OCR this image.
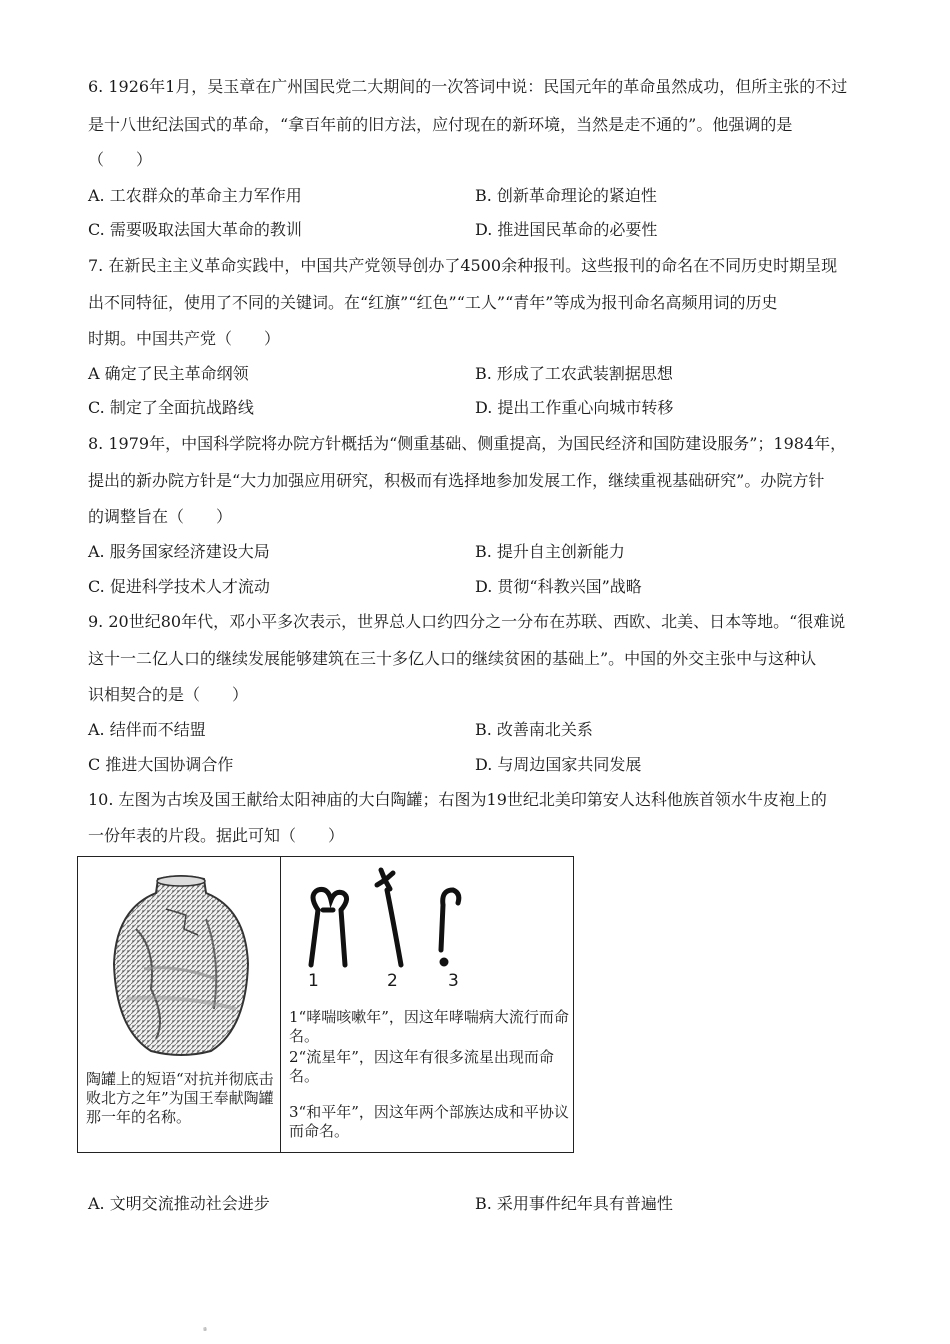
6. 1926年1月，吴玉章在广州国民党二大期间的一次答词中说：民国元年的革命虽然成功，但所主张的不过
是十八世纪法国式的革命，“拿百年前的旧方法，应付现在的新环境，当然是走不通的”。他强调的是
（　　）
A. 工农群众的革命主力军作用	B. 创新革命理论的紧迫性
C. 需要吸取法国大革命的教训	D. 推进国民革命的必要性
7. 在新民主主义革命实践中，中国共产党领导创办了4500余种报刊。这些报刊的命名在不同历史时期呈现
出不同特征，使用了不同的关键词。在“红旗”“红色”“工人”“青年”等成为报刊命名高频用词的历史
时期。中国共产党（　　）
A 确定了民主革命纲领	B. 形成了工农武装割据思想
C. 制定了全面抗战路线	D. 提出工作重心向城市转移
8. 1979年，中国科学院将办院方针概括为“侧重基础、侧重提高，为国民经济和国防建设服务”；1984年，
提出的新办院方针是“大力加强应用研究，积极而有选择地参加发展工作，继续重视基础研究”。办院方针
的调整旨在（　　）
A. 服务国家经济建设大局	B. 提升自主创新能力
C. 促进科学技术人才流动	D. 贯彻“科教兴国”战略
9. 20世纪80年代，邓小平多次表示，世界总人口约四分之一分布在苏联、西欧、北美、日本等地。“很难说
这十一二亿人口的继续发展能够建筑在三十多亿人口的继续贫困的基础上”。中国的外交主张中与这种认
识相契合的是（　　）
A. 结伴而不结盟	B. 改善南北关系
C 推进大国协调合作	D. 与周边国家共同发展
10. 左图为古埃及国王献给太阳神庙的大白陶罐；右图为19世纪北美印第安人达科他族首领水牛皮袍上的
一份年表的片段。据此可知（　　）
陶罐上的短语“对抗并彻底击败北方之年”为国王奉献陶罐那一年的名称。
1	2	3
1“哮喘咳嗽年”，因这年哮喘病大流行而命名。
2“流星年”，因这年有很多流星出现而命名。
3“和平年”，因这年两个部族达成和平协议而命名。
A. 文明交流推动社会进步	B. 采用事件纪年具有普遍性
ª
